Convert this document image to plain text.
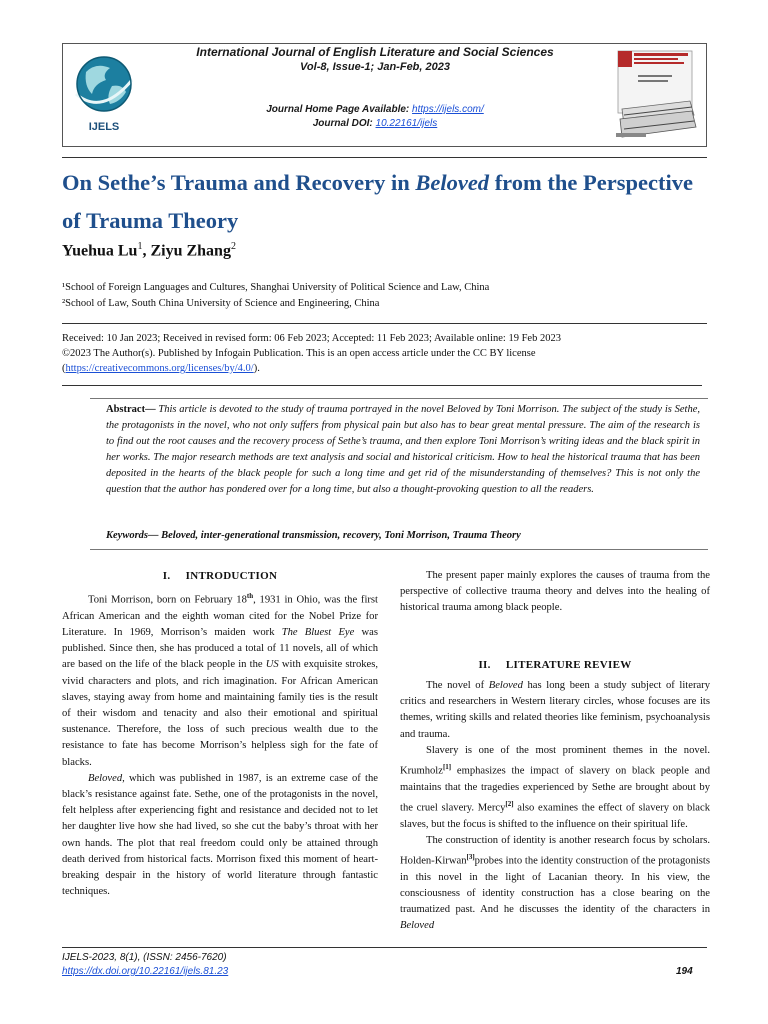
IJELS
International Journal of English Literature and Social Sciences
Vol-8, Issue-1; Jan-Feb, 2023
Journal Home Page Available: https://ijels.com/
Journal DOI: 10.22161/ijels
On Sethe’s Trauma and Recovery in Beloved from the Perspective of Trauma Theory
Yuehua Lu$^1$, Ziyu Zhang$^2$
¹School of Foreign Languages and Cultures, Shanghai University of Political Science and Law, China
²School of Law, South China University of Science and Engineering, China
Received: 10 Jan 2023; Received in revised form: 06 Feb 2023; Accepted: 11 Feb 2023; Available online: 19 Feb 2023
©2023 The Author(s). Published by Infogain Publication. This is an open access article under the CC BY license
(https://creativecommons.org/licenses/by/4.0/).
Abstract— This article is devoted to the study of trauma portrayed in the novel Beloved by Toni Morrison. The subject of the study is Sethe, the protagonists in the novel, who not only suffers from physical pain but also has to bear great mental pressure. The aim of the research is to find out the root causes and the recovery process of Sethe’s trauma, and then explore Toni Morrison’s writing ideas and the black spirit in her works. The major research methods are text analysis and social and historical criticism. How to heal the historical trauma that has been deposited in the hearts of the black people for such a long time and get rid of the misunderstanding of themselves? This is not only the question that the author has pondered over for a long time, but also a thought-provoking question to all the readers.
Keywords— Beloved, inter-generational transmission, recovery, Toni Morrison, Trauma Theory
I.     INTRODUCTION
II.     LITERATURE REVIEW

Toni Morrison, born on February 18th, 1931 in Ohio, was the first African American and the eighth woman cited for the Nobel Prize for Literature. In 1969, Morrison’s maiden work The Bluest Eye was published. Since then, she has produced a total of 11 novels, all of which are based on the life of the black people in the US with exquisite strokes, vivid characters and plots, and rich imagination. For African American slaves, staying away from home and maintaining family ties is the result of their wisdom and tenacity and also their emotional and spiritual sustenance. Therefore, the loss of such precious wealth due to the resistance to fate has become Morrison’s helpless sigh for the fate of blacks.

Beloved, which was published in 1987, is an extreme case of the black’s resistance against fate. Sethe, one of the protagonists in the novel, felt helpless after experiencing fight and resistance and decided not to let her daughter live how she had lived, so she cut the baby’s throat with her own hands. The plot that real freedom could only be attained through death derived from historical facts. Morrison fixed this moment of heart-breaking despair in the history of world literature through fantastic techniques.

The present paper mainly explores the causes of trauma from the perspective of collective trauma theory and delves into the healing of historical trauma among black people.

The novel of Beloved has long been a study subject of literary critics and researchers in Western literary circles, whose focuses are its themes, writing skills and related theories like feminism, psychoanalysis and trauma.

Slavery is one of the most prominent themes in the novel. Krumholz[1] emphasizes the impact of slavery on black people and maintains that the tragedies experienced by Sethe are brought about by the cruel slavery. Mercy[2] also examines the effect of slavery on black slaves, but the focus is shifted to the influence on their spiritual life.

The construction of identity is another research focus by scholars. Holden-Kirwan[3]probes into the identity construction of the protagonists in this novel in the light of Lacanian theory. In his view, the consciousness of identity construction has a close bearing on the traumatized past. And he discusses the identity of the characters in Beloved

IJELS-2023, 8(1), (ISSN: 2456-7620)
https://dx.doi.org/10.22161/ijels.81.23	194
